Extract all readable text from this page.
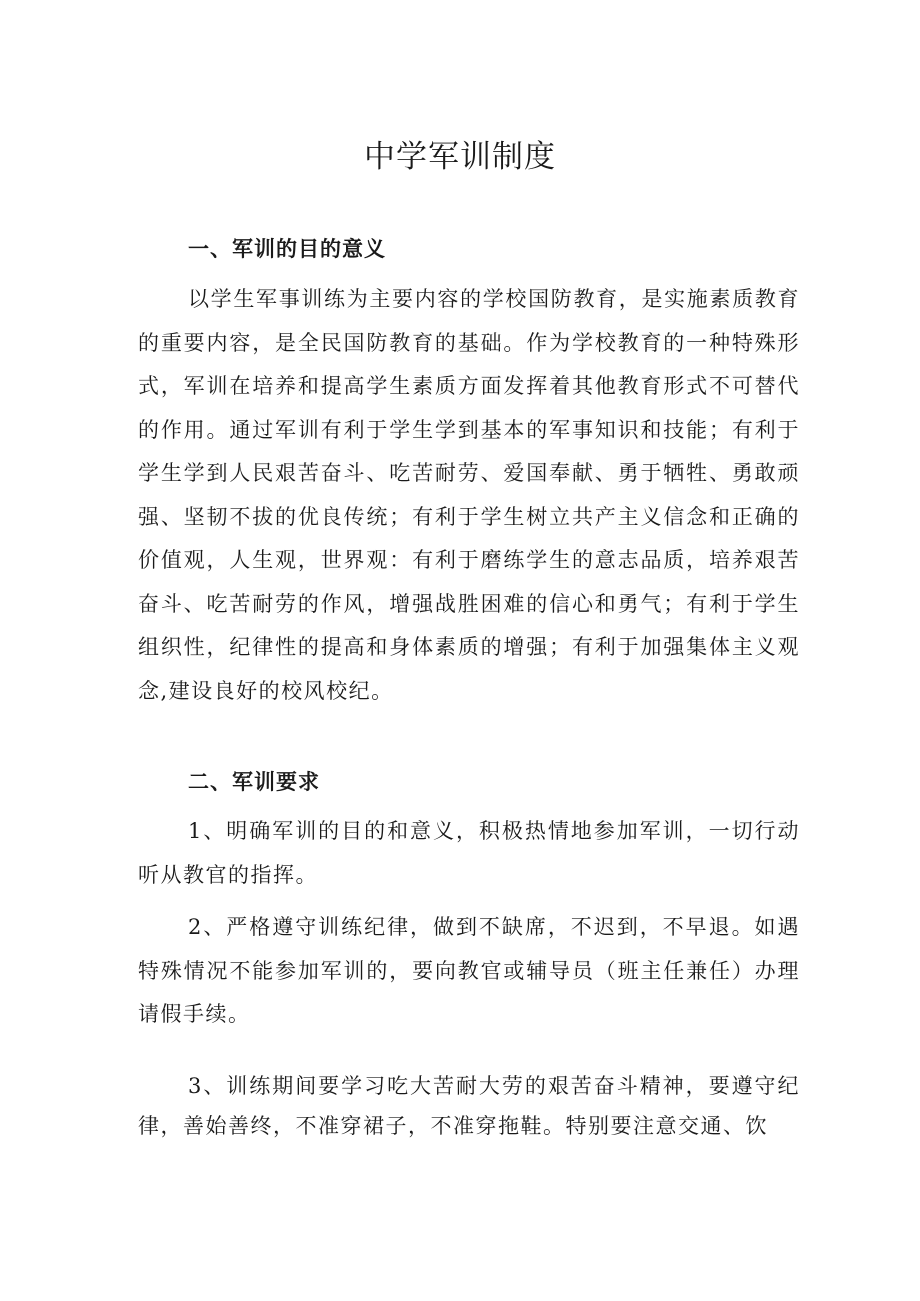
中学军训制度
一、军训的目的意义

以学生军事训练为主要内容的学校国防教育，是实施素质教育的重要内容，是全民国防教育的基础。作为学校教育的一种特殊形式，军训在培养和提高学生素质方面发挥着其他教育形式不可替代的作用。通过军训有利于学生学到基本的军事知识和技能；有利于学生学到人民艰苦奋斗、吃苦耐劳、爱国奉献、勇于牺牲、勇敢顽强、坚韧不拔的优良传统；有利于学生树立共产主义信念和正确的价值观，人生观，世界观：有利于磨练学生的意志品质，培养艰苦奋斗、吃苦耐劳的作风，增强战胜困难的信心和勇气；有利于学生组织性，纪律性的提高和身体素质的增强；有利于加强集体主义观念,建设良好的校风校纪。

二、军训要求

1、明确军训的目的和意义，积极热情地参加军训，一切行动听从教官的指挥。

2、严格遵守训练纪律，做到不缺席，不迟到，不早退。如遇特殊情况不能参加军训的，要向教官或辅导员（班主任兼任）办理请假手续。

3、训练期间要学习吃大苦耐大劳的艰苦奋斗精神，要遵守纪律，善始善终，不准穿裙子，不准穿拖鞋。特别要注意交通、饮
